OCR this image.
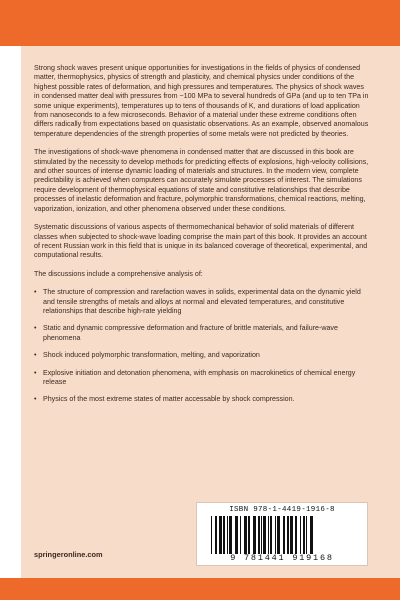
Strong shock waves present unique opportunities for investigations in the fields of physics of condensed matter, thermophysics, physics of strength and plasticity, and chemical physics under conditions of the highest possible rates of deformation, and high pressures and temperatures. The physics of shock waves in condensed matter deal with pressures from ~100 MPa to several hundreds of GPa (and up to ten TPa in some unique experiments), temperatures up to tens of thousands of K, and durations of load application from nanoseconds to a few microseconds. Behavior of a material under these extreme conditions often differs radically from expectations based on quasistatic observations. As an example, observed anomalous temperature dependencies of the strength properties of some metals were not predicted by theories.

The investigations of shock-wave phenomena in condensed matter that are discussed in this book are stimulated by the necessity to develop methods for predicting effects of explosions, high-velocity collisions, and other sources of intense dynamic loading of materials and structures. In the modern view, complete predictability is achieved when computers can accurately simulate processes of interest. The simulations require development of thermophysical equations of state and constitutive relationships that describe processes of inelastic deformation and fracture, polymorphic transformations, chemical reactions, melting, vaporization, ionization, and other phenomena observed under these conditions.

Systematic discussions of various aspects of thermomechanical behavior of solid materials of different classes when subjected to shock-wave loading comprise the main part of this book. It provides an account of recent Russian work in this field that is unique in its balanced coverage of theoretical, experimental, and computational results.

The discussions include a comprehensive analysis of:

• The structure of compression and rarefaction waves in solids, experimental data on the dynamic yield and tensile strengths of metals and alloys at normal and elevated temperatures, and constitutive relationships that describe high-rate yielding
• Static and dynamic compressive deformation and fracture of brittle materials, and failure-wave phenomena
• Shock induced polymorphic transformation, melting, and vaporization
• Explosive initiation and detonation phenomena, with emphasis on macrokinetics of chemical energy release
• Physics of the most extreme states of matter accessable by shock compression.
ISBN 978-1-4419-1916-8
9 781441 919168
springeronline.com
